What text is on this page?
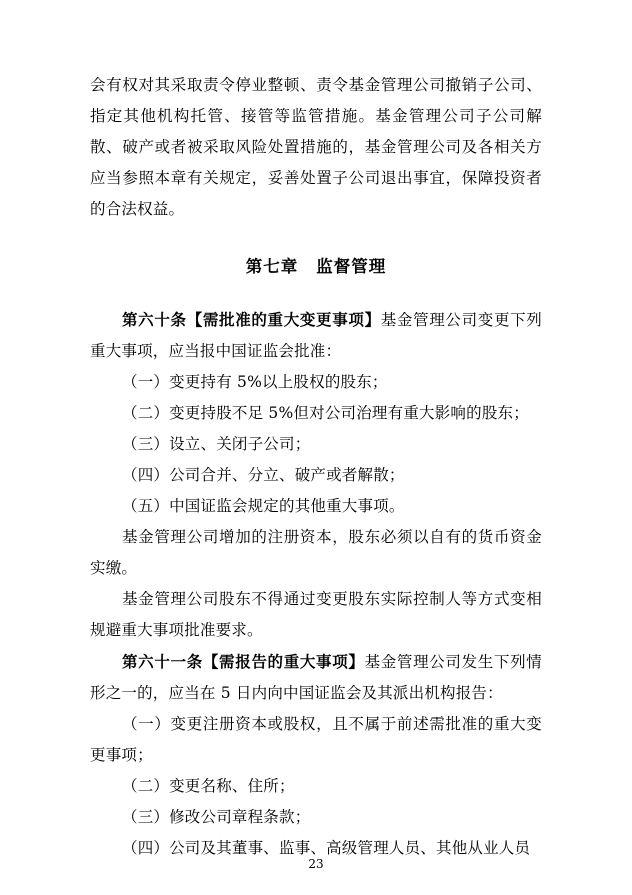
会有权对其采取责令停业整顿、责令基金管理公司撤销子公司、指定其他机构托管、接管等监管措施。基金管理公司子公司解散、破产或者被采取风险处置措施的，基金管理公司及各相关方应当参照本章有关规定，妥善处置子公司退出事宜，保障投资者的合法权益。

第七章 监督管理

第六十条【需批准的重大变更事项】基金管理公司变更下列重大事项，应当报中国证监会批准：

（一）变更持有 5%以上股权的股东；

（二）变更持股不足 5%但对公司治理有重大影响的股东；

（三）设立、关闭子公司；

（四）公司合并、分立、破产或者解散；

（五）中国证监会规定的其他重大事项。

基金管理公司增加的注册资本，股东必须以自有的货币资金实缴。

基金管理公司股东不得通过变更股东实际控制人等方式变相规避重大事项批准要求。

第六十一条【需报告的重大事项】基金管理公司发生下列情形之一的，应当在 5 日内向中国证监会及其派出机构报告：

（一）变更注册资本或股权，且不属于前述需批准的重大变更事项；

（二）变更名称、住所；

（三）修改公司章程条款；

（四）公司及其董事、监事、高级管理人员、其他从业人员

23
